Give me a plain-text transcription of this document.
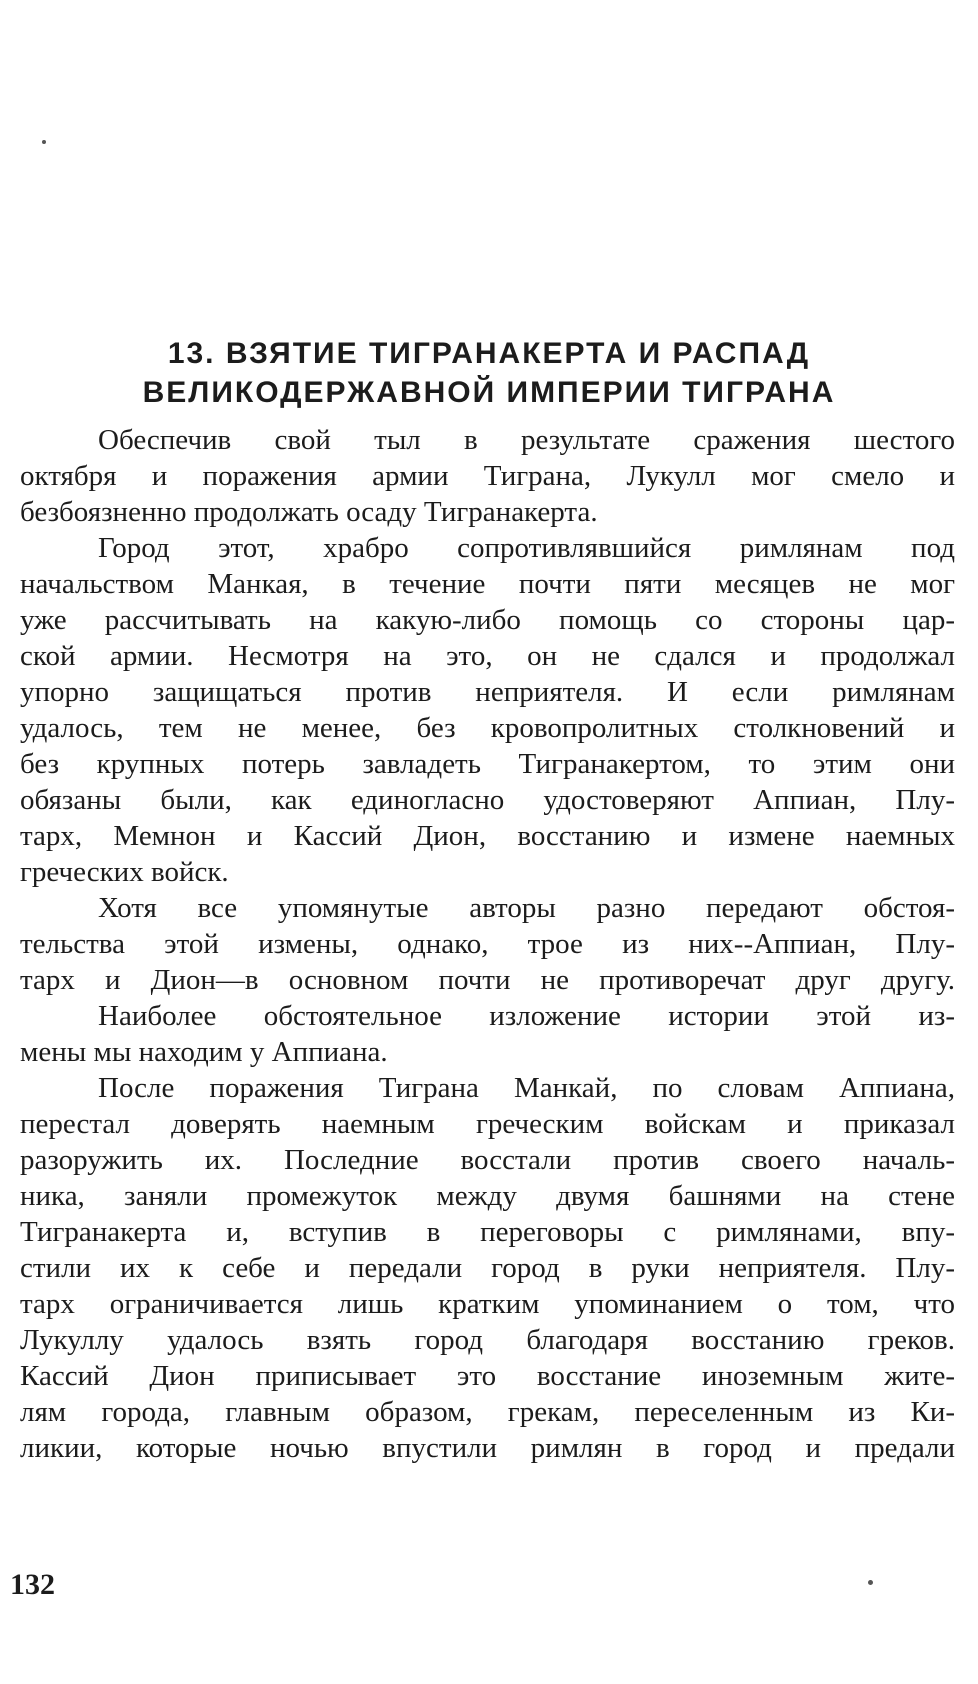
13. ВЗЯТИЕ ТИГРАНАКЕРТА И РАСПАД
ВЕЛИКОДЕРЖАВНОЙ ИМПЕРИИ ТИГРАНА

Обеспечив свой тыл в результате сражения шестого

октября и поражения армии Тиграна, Лукулл мог смело и

безбоязненно продолжать осаду Тигранакерта.

Город этот, храбро сопротивлявшийся римлянам под

начальством Манкая, в течение почти пяти месяцев не мог

уже рассчитывать на какую-либо помощь со стороны цар-

ской армии. Несмотря на это, он не сдался и продолжал

упорно защищаться против неприятеля. И если римлянам

удалось, тем не менее, без кровопролитных столкновений и

без крупных потерь завладеть Тигранакертом, то этим они

обязаны были, как единогласно удостоверяют Аппиан, Плу-

тарх, Мемнон и Кассий Дион, восстанию и измене наемных

греческих войск.

Хотя все упомянутые авторы разно передают обстоя-

тельства этой измены, однако, трое из них--Аппиан, Плу-

тарх и Дион—в основном почти не противоречат друг другу.

Наиболее обстоятельное изложение истории этой из-

мены мы находим у Аппиана.

После поражения Тиграна Манкай, по словам Аппиана,

перестал доверять наемным греческим войскам и приказал

разоружить их. Последние восстали против своего началь-

ника, заняли промежуток между двумя башнями на стене

Тигранакерта и, вступив в переговоры с римлянами, впу-

стили их к себе и передали город в руки неприятеля. Плу-

тарх ограничивается лишь кратким упоминанием о том, что

Лукуллу удалось взять город благодаря восстанию греков.

Кассий Дион приписывает это восстание иноземным жите-

лям города, главным образом, грекам, переселенным из Ки-

ликии, которые ночью впустили римлян в город и предали

132
